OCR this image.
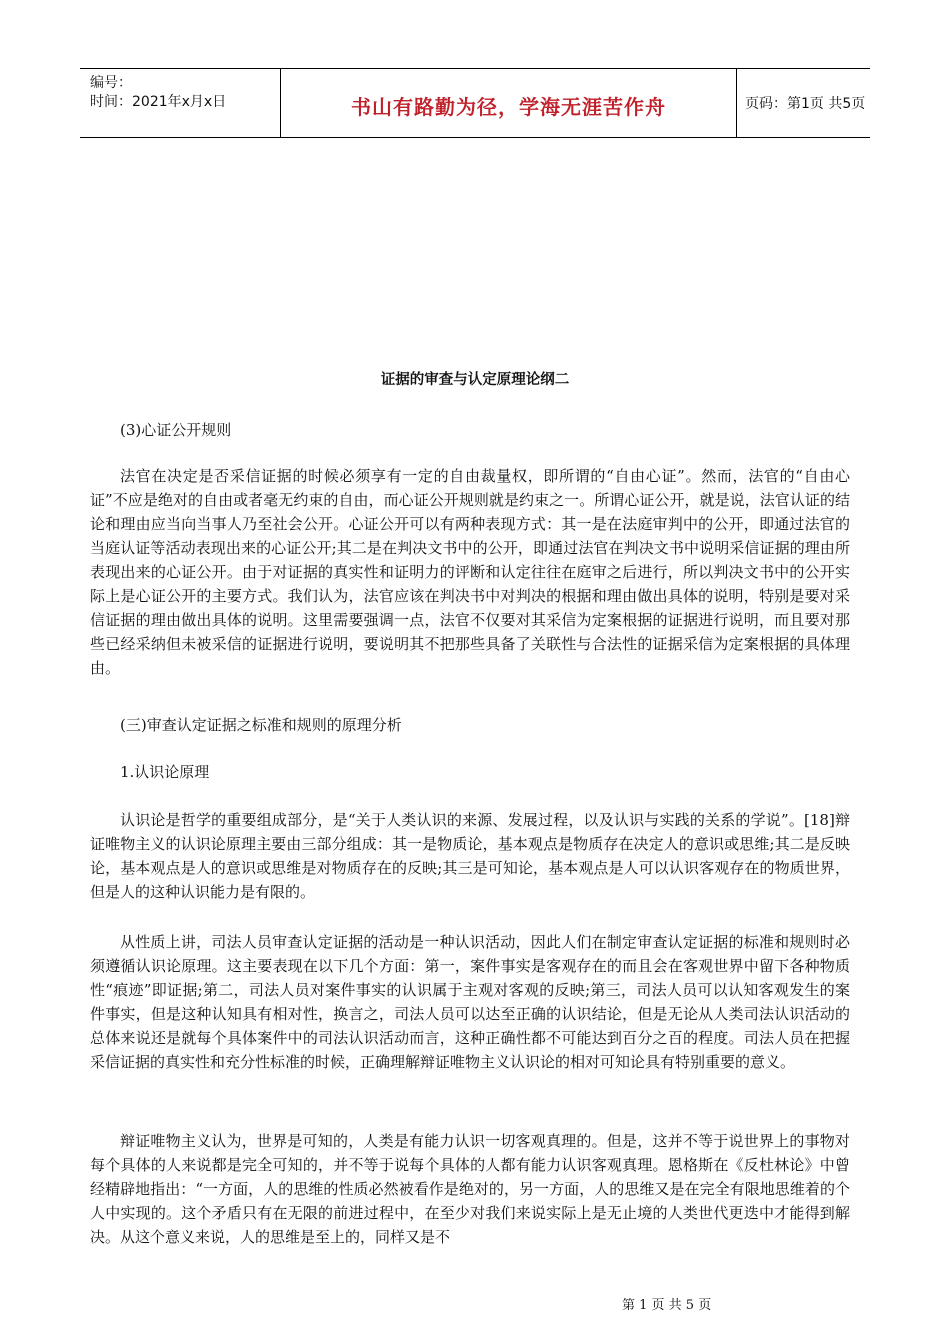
编号：
时间：2021年x月x日	书山有路勤为径，学海无涯苦作舟	页码：第1页 共5页
证据的审查与认定原理论纲二

(3)心证公开规则

法官在决定是否采信证据的时候必须享有一定的自由裁量权，即所谓的“自由心证”。然而，法官的“自由心证”不应是绝对的自由或者毫无约束的自由，而心证公开规则就是约束之一。所谓心证公开，就是说，法官认证的结论和理由应当向当事人乃至社会公开。心证公开可以有两种表现方式：其一是在法庭审判中的公开，即通过法官的当庭认证等活动表现出来的心证公开;其二是在判决文书中的公开，即通过法官在判决文书中说明采信证据的理由所表现出来的心证公开。由于对证据的真实性和证明力的评断和认定往往在庭审之后进行，所以判决文书中的公开实际上是心证公开的主要方式。我们认为，法官应该在判决书中对判决的根据和理由做出具体的说明，特别是要对采信证据的理由做出具体的说明。这里需要强调一点，法官不仅要对其采信为定案根据的证据进行说明，而且要对那些已经采纳但未被采信的证据进行说明，要说明其不把那些具备了关联性与合法性的证据采信为定案根据的具体理由。

(三)审查认定证据之标准和规则的原理分析

1.认识论原理

认识论是哲学的重要组成部分，是“关于人类认识的来源、发展过程，以及认识与实践的关系的学说”。[18]辩证唯物主义的认识论原理主要由三部分组成：其一是物质论，基本观点是物质存在决定人的意识或思维;其二是反映论，基本观点是人的意识或思维是对物质存在的反映;其三是可知论，基本观点是人可以认识客观存在的物质世界，但是人的这种认识能力是有限的。

从性质上讲，司法人员审查认定证据的活动是一种认识活动，因此人们在制定审查认定证据的标准和规则时必须遵循认识论原理。这主要表现在以下几个方面：第一，案件事实是客观存在的而且会在客观世界中留下各种物质性“痕迹”即证据;第二，司法人员对案件事实的认识属于主观对客观的反映;第三，司法人员可以认知客观发生的案件事实，但是这种认知具有相对性，换言之，司法人员可以达至正确的认识结论，但是无论从人类司法认识活动的总体来说还是就每个具体案件中的司法认识活动而言，这种正确性都不可能达到百分之百的程度。司法人员在把握采信证据的真实性和充分性标准的时候，正确理解辩证唯物主义认识论的相对可知论具有特别重要的意义。

辩证唯物主义认为，世界是可知的，人类是有能力认识一切客观真理的。但是，这并不等于说世界上的事物对每个具体的人来说都是完全可知的，并不等于说每个具体的人都有能力认识客观真理。恩格斯在《反杜林论》中曾经精辟地指出：“一方面，人的思维的性质必然被看作是绝对的，另一方面，人的思维又是在完全有限地思维着的个人中实现的。这个矛盾只有在无限的前进过程中，在至少对我们来说实际上是无止境的人类世代更迭中才能得到解决。从这个意义来说，人的思维是至上的，同样又是不

第 1 页 共 5 页
